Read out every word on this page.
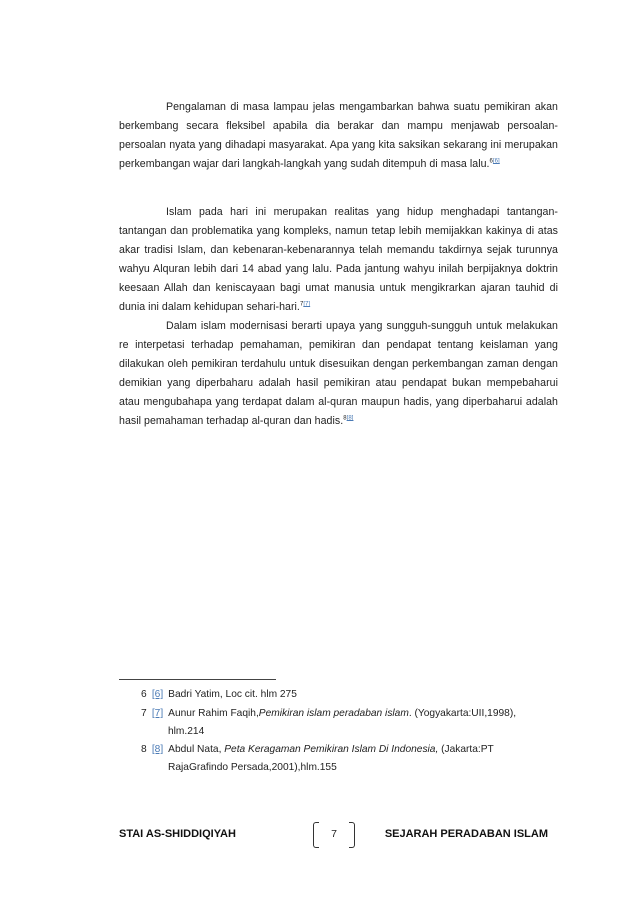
Pengalaman di masa lampau jelas mengambarkan bahwa suatu pemikiran akan berkembang secara fleksibel apabila dia berakar dan mampu menjawab persoalan-persoalan nyata yang dihadapi masyarakat. Apa yang kita saksikan sekarang ini merupakan perkembangan wajar dari langkah-langkah yang sudah ditempuh di masa lalu.$^{6[6]}$

Islam pada hari ini merupakan realitas yang hidup menghadapi tantangan-tantangan dan problematika yang kompleks, namun tetap lebih memijakkan kakinya di atas akar tradisi Islam, dan kebenaran-kebenarannya telah memandu takdirnya sejak turunnya wahyu Alquran lebih dari 14 abad yang lalu. Pada jantung wahyu inilah berpijaknya doktrin keesaan Allah dan keniscayaan bagi umat manusia untuk mengikrarkan ajaran tauhid di dunia ini dalam kehidupan sehari-hari.$^{7[7]}$

Dalam islam modernisasi berarti upaya yang sungguh-sungguh untuk melakukan re interpetasi terhadap pemahaman, pemikiran dan pendapat tentang keislaman yang dilakukan oleh pemikiran terdahulu untuk disesuikan dengan perkembangan zaman dengan demikian yang diperbaharu adalah hasil pemikiran atau pendapat bukan mempebaharui atau mengubahapa yang terdapat dalam al-quran maupun hadis, yang diperbaharui adalah hasil pemahaman terhadap al-quran dan hadis.$^{8[8]}$

6 [6] Badri Yatim, Loc cit. hlm 275
7 [7] Aunur Rahim Faqih,Pemikiran islam peradaban islam. (Yogyakarta:UII,1998),
hlm.214
8 [8] Abdul Nata, Peta Keragaman Pemikiran Islam Di Indonesia, (Jakarta:PT
RajaGrafindo Persada,2001),hlm.155
STAI AS-SHIDDIQIYAH	7	SEJARAH PERADABAN ISLAM
